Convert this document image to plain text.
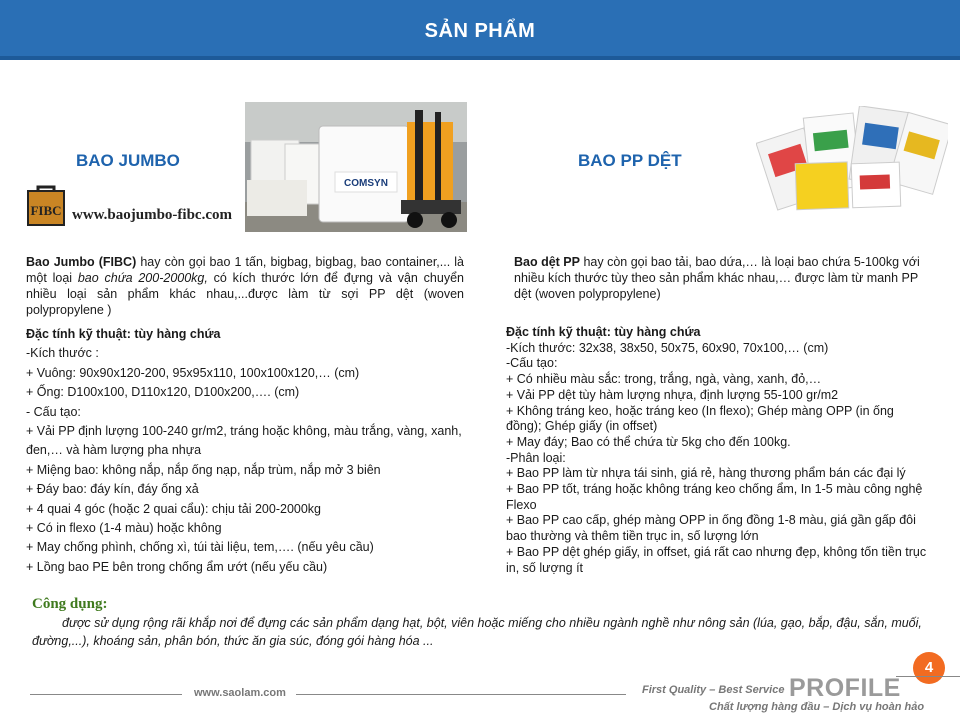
SẢN PHẨM
BAO JUMBO
COMSYN
FIBC www.baojumbo-fibc.com
Bao Jumbo (FIBC) hay còn gọi bao 1 tấn, bigbag, bigbag, bao container,... là một loại bao chứa 200-2000kg, có kích thước lớn để đựng và vận chuyển nhiều loại sản phẩm khác nhau,...được làm từ sợi PP dệt (woven polypropylene )
Đặc tính kỹ thuật: tùy hàng chứa
-Kích thước :
+ Vuông: 90x90x120-200, 95x95x110, 100x100x120,… (cm)
+ Ống: D100x100, D110x120, D100x200,…. (cm)
- Cấu tạo:
+ Vải PP định lượng 100-240 gr/m2, tráng hoặc không, màu trắng, vàng, xanh, đen,… và hàm lượng pha nhựa
+ Miệng bao: không nắp, nắp ống nạp, nắp trùm, nắp mở 3 biên
+ Đáy bao: đáy kín, đáy ống xả
+ 4 quai 4 góc (hoặc 2 quai cẩu): chịu tải 200-2000kg
+ Có in flexo (1-4 màu) hoặc không
+ May chống phình, chống xì, túi tài liệu, tem,…. (nếu yêu cầu)
+ Lồng bao PE bên trong chống ẩm ướt (nếu yếu cầu)
BAO PP DỆT
Bao dệt PP hay còn gọi bao tải, bao dứa,… là loại bao chứa 5-100kg với nhiều kích thước tùy theo sản phẩm khác nhau,… được làm từ manh PP dệt (woven polypropylene)
Đặc tính kỹ thuật: tùy hàng chứa
-Kích thước: 32x38, 38x50, 50x75, 60x90, 70x100,… (cm)
-Cấu tạo:
+ Có nhiều màu sắc: trong, trắng, ngà, vàng, xanh, đỏ,…
+ Vải PP dệt tùy hàm lượng nhựa, định lượng 55-100 gr/m2
+ Không tráng keo, hoặc tráng keo (In flexo); Ghép màng OPP (in ống đồng); Ghép giấy (in offset)
+ May đáy; Bao có thể chứa từ 5kg cho đến 100kg.
-Phân loại:
+ Bao PP làm từ nhựa tái sinh, giá rẻ, hàng thương phẩm bán các đại lý
+ Bao PP tốt, tráng hoặc không tráng keo chống ẩm, In 1-5 màu công nghệ Flexo
+ Bao PP cao cấp, ghép màng OPP in ống đồng 1-8 màu, giá gần gấp đôi bao thường và thêm tiền trục in, số lượng lớn
+ Bao PP dệt ghép giấy, in offset, giá rất cao nhưng đẹp, không tốn tiền trục in, số lượng ít
Công dụng:
được sử dụng rộng rãi khắp nơi để đựng các sản phẩm dạng hạt, bột, viên hoặc miếng cho nhiều ngành nghề như nông sản (lúa, gạo, bắp, đậu, sắn, muối, đường,...), khoáng sản, phân bón, thức ăn gia súc, đóng gói hàng hóa ...
4
www.saolam.com	First Quality – Best Service PROFILE
Chất lượng hàng đầu – Dịch vụ hoàn hảo
